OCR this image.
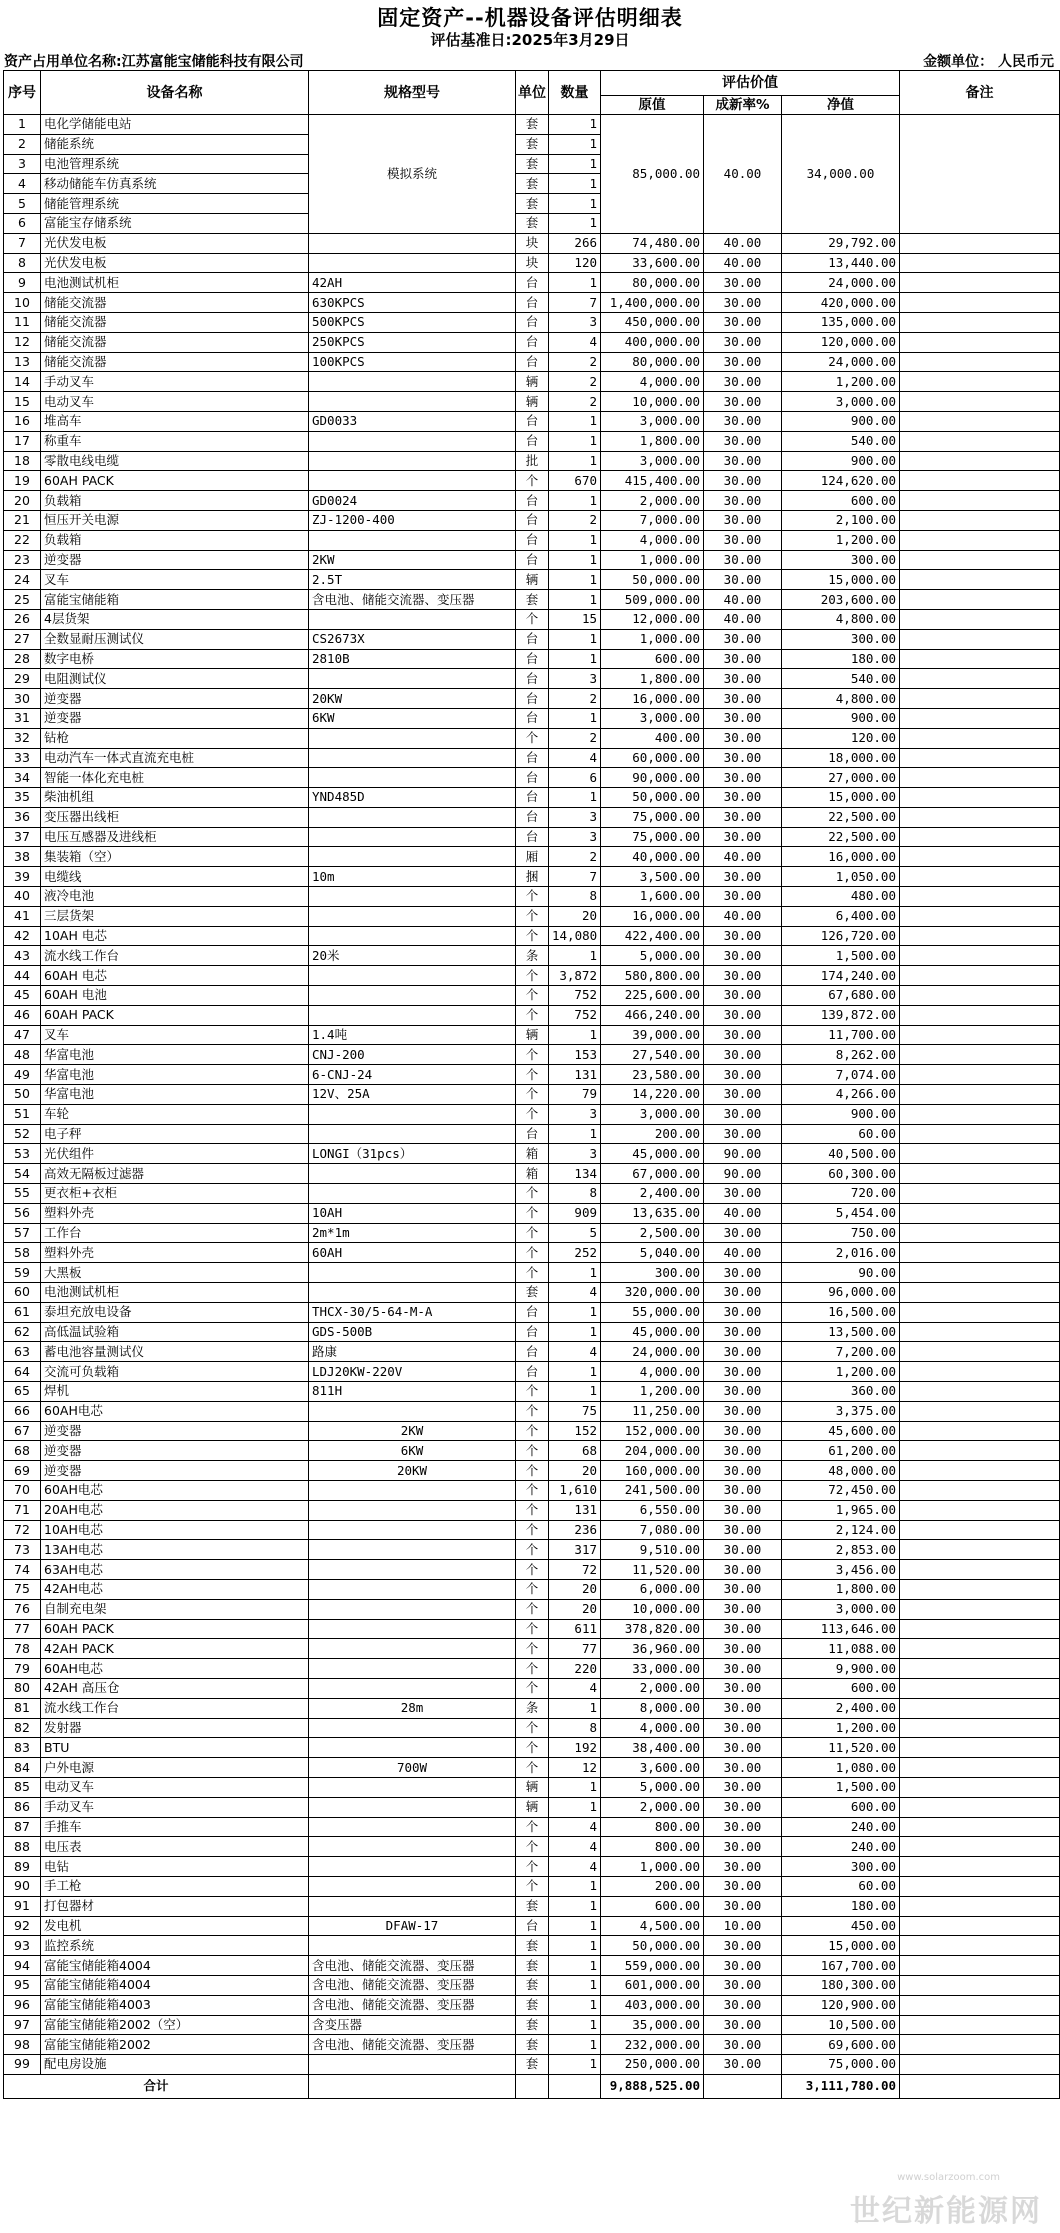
固定资产--机器设备评估明细表
评估基准日:2025年3月29日
资产占用单位名称:江苏富能宝储能科技有限公司	金额单位： 人民币元
序号	设备名称	规格型号	单位	数量	评估价值			备注
					原值	成新率%	净值	
1	电化学储能电站	模拟系统	套	1	85,000.00	40.00	34,000.00	
2	储能系统		套	1				
3	电池管理系统		套	1				
4	移动储能车仿真系统		套	1				
5	储能管理系统		套	1				
6	富能宝存储系统		套	1				
7	光伏发电板		块	266	74,480.00	40.00	29,792.00	
8	光伏发电板		块	120	33,600.00	40.00	13,440.00	
9	电池测试机柜	42AH	台	1	80,000.00	30.00	24,000.00	
10	储能交流器	630KPCS	台	7	1,400,000.00	30.00	420,000.00	
11	储能交流器	500KPCS	台	3	450,000.00	30.00	135,000.00	
12	储能交流器	250KPCS	台	4	400,000.00	30.00	120,000.00	
13	储能交流器	100KPCS	台	2	80,000.00	30.00	24,000.00	
14	手动叉车		辆	2	4,000.00	30.00	1,200.00	
15	电动叉车		辆	2	10,000.00	30.00	3,000.00	
16	堆高车	GD0033	台	1	3,000.00	30.00	900.00	
17	称重车		台	1	1,800.00	30.00	540.00	
18	零散电线电缆		批	1	3,000.00	30.00	900.00	
19	60AH PACK		个	670	415,400.00	30.00	124,620.00	
20	负载箱	GD0024	台	1	2,000.00	30.00	600.00	
21	恒压开关电源	ZJ-1200-400	台	2	7,000.00	30.00	2,100.00	
22	负载箱		台	1	4,000.00	30.00	1,200.00	
23	逆变器	2KW	台	1	1,000.00	30.00	300.00	
24	叉车	2.5T	辆	1	50,000.00	30.00	15,000.00	
25	富能宝储能箱	含电池、储能交流器、变压器	套	1	509,000.00	40.00	203,600.00	
26	4层货架		个	15	12,000.00	40.00	4,800.00	
27	全数显耐压测试仪	CS2673X	台	1	1,000.00	30.00	300.00	
28	数字电桥	2810B	台	1	600.00	30.00	180.00	
29	电阻测试仪		台	3	1,800.00	30.00	540.00	
30	逆变器	20KW	台	2	16,000.00	30.00	4,800.00	
31	逆变器	6KW	台	1	3,000.00	30.00	900.00	
32	钻枪		个	2	400.00	30.00	120.00	
33	电动汽车一体式直流充电桩		台	4	60,000.00	30.00	18,000.00	
34	智能一体化充电桩		台	6	90,000.00	30.00	27,000.00	
35	柴油机组	YND485D	台	1	50,000.00	30.00	15,000.00	
36	变压器出线柜		台	3	75,000.00	30.00	22,500.00	
37	电压互感器及进线柜		台	3	75,000.00	30.00	22,500.00	
38	集装箱（空）		厢	2	40,000.00	40.00	16,000.00	
39	电缆线	10m	捆	7	3,500.00	30.00	1,050.00	
40	液冷电池		个	8	1,600.00	30.00	480.00	
41	三层货架		个	20	16,000.00	40.00	6,400.00	
42	10AH 电芯		个	14,080	422,400.00	30.00	126,720.00	
43	流水线工作台	20米	条	1	5,000.00	30.00	1,500.00	
44	60AH 电芯		个	3,872	580,800.00	30.00	174,240.00	
45	60AH 电池		个	752	225,600.00	30.00	67,680.00	
46	60AH PACK		个	752	466,240.00	30.00	139,872.00	
47	叉车	1.4吨	辆	1	39,000.00	30.00	11,700.00	
48	华富电池	CNJ-200	个	153	27,540.00	30.00	8,262.00	
49	华富电池	6-CNJ-24	个	131	23,580.00	30.00	7,074.00	
50	华富电池	12V、25A	个	79	14,220.00	30.00	4,266.00	
51	车轮		个	3	3,000.00	30.00	900.00	
52	电子秤		台	1	200.00	30.00	60.00	
53	光伏组件	LONGI（31pcs）	箱	3	45,000.00	90.00	40,500.00	
54	高效无隔板过滤器		箱	134	67,000.00	90.00	60,300.00	
55	更衣柜+衣柜		个	8	2,400.00	30.00	720.00	
56	塑料外壳	10AH	个	909	13,635.00	40.00	5,454.00	
57	工作台	2m*1m	个	5	2,500.00	30.00	750.00	
58	塑料外壳	60AH	个	252	5,040.00	40.00	2,016.00	
59	大黑板		个	1	300.00	30.00	90.00	
60	电池测试机柜		套	4	320,000.00	30.00	96,000.00	
61	泰坦充放电设备	THCX-30/5-64-M-A	台	1	55,000.00	30.00	16,500.00	
62	高低温试验箱	GDS-500B	台	1	45,000.00	30.00	13,500.00	
63	蓄电池容量测试仪	路康	台	4	24,000.00	30.00	7,200.00	
64	交流可负载箱	LDJ20KW-220V	台	1	4,000.00	30.00	1,200.00	
65	焊机	811H	个	1	1,200.00	30.00	360.00	
66	60AH电芯		个	75	11,250.00	30.00	3,375.00	
67	逆变器	2KW	个	152	152,000.00	30.00	45,600.00	
68	逆变器	6KW	个	68	204,000.00	30.00	61,200.00	
69	逆变器	20KW	个	20	160,000.00	30.00	48,000.00	
70	60AH电芯		个	1,610	241,500.00	30.00	72,450.00	
71	20AH电芯		个	131	6,550.00	30.00	1,965.00	
72	10AH电芯		个	236	7,080.00	30.00	2,124.00	
73	13AH电芯		个	317	9,510.00	30.00	2,853.00	
74	63AH电芯		个	72	11,520.00	30.00	3,456.00	
75	42AH电芯		个	20	6,000.00	30.00	1,800.00	
76	自制充电架		个	20	10,000.00	30.00	3,000.00	
77	60AH PACK		个	611	378,820.00	30.00	113,646.00	
78	42AH PACK		个	77	36,960.00	30.00	11,088.00	
79	60AH电芯		个	220	33,000.00	30.00	9,900.00	
80	42AH 高压仓		个	4	2,000.00	30.00	600.00	
81	流水线工作台	28m	条	1	8,000.00	30.00	2,400.00	
82	发射器		个	8	4,000.00	30.00	1,200.00	
83	BTU		个	192	38,400.00	30.00	11,520.00	
84	户外电源	700W	个	12	3,600.00	30.00	1,080.00	
85	电动叉车		辆	1	5,000.00	30.00	1,500.00	
86	手动叉车		辆	1	2,000.00	30.00	600.00	
87	手推车		个	4	800.00	30.00	240.00	
88	电压表		个	4	800.00	30.00	240.00	
89	电钻		个	4	1,000.00	30.00	300.00	
90	手工枪		个	1	200.00	30.00	60.00	
91	打包器材		套	1	600.00	30.00	180.00	
92	发电机	DFAW-17	台	1	4,500.00	10.00	450.00	
93	监控系统		套	1	50,000.00	30.00	15,000.00	
94	富能宝储能箱4004	含电池、储能交流器、变压器	套	1	559,000.00	30.00	167,700.00	
95	富能宝储能箱4004	含电池、储能交流器、变压器	套	1	601,000.00	30.00	180,300.00	
96	富能宝储能箱4003	含电池、储能交流器、变压器	套	1	403,000.00	30.00	120,900.00	
97	富能宝储能箱2002（空）	含变压器	套	1	35,000.00	30.00	10,500.00	
98	富能宝储能箱2002	含电池、储能交流器、变压器	套	1	232,000.00	30.00	69,600.00	
99	配电房设施		套	1	250,000.00	30.00	75,000.00	
合计					9,888,525.00		3,111,780.00	
www.solarzoom.com
世纪新能源网
